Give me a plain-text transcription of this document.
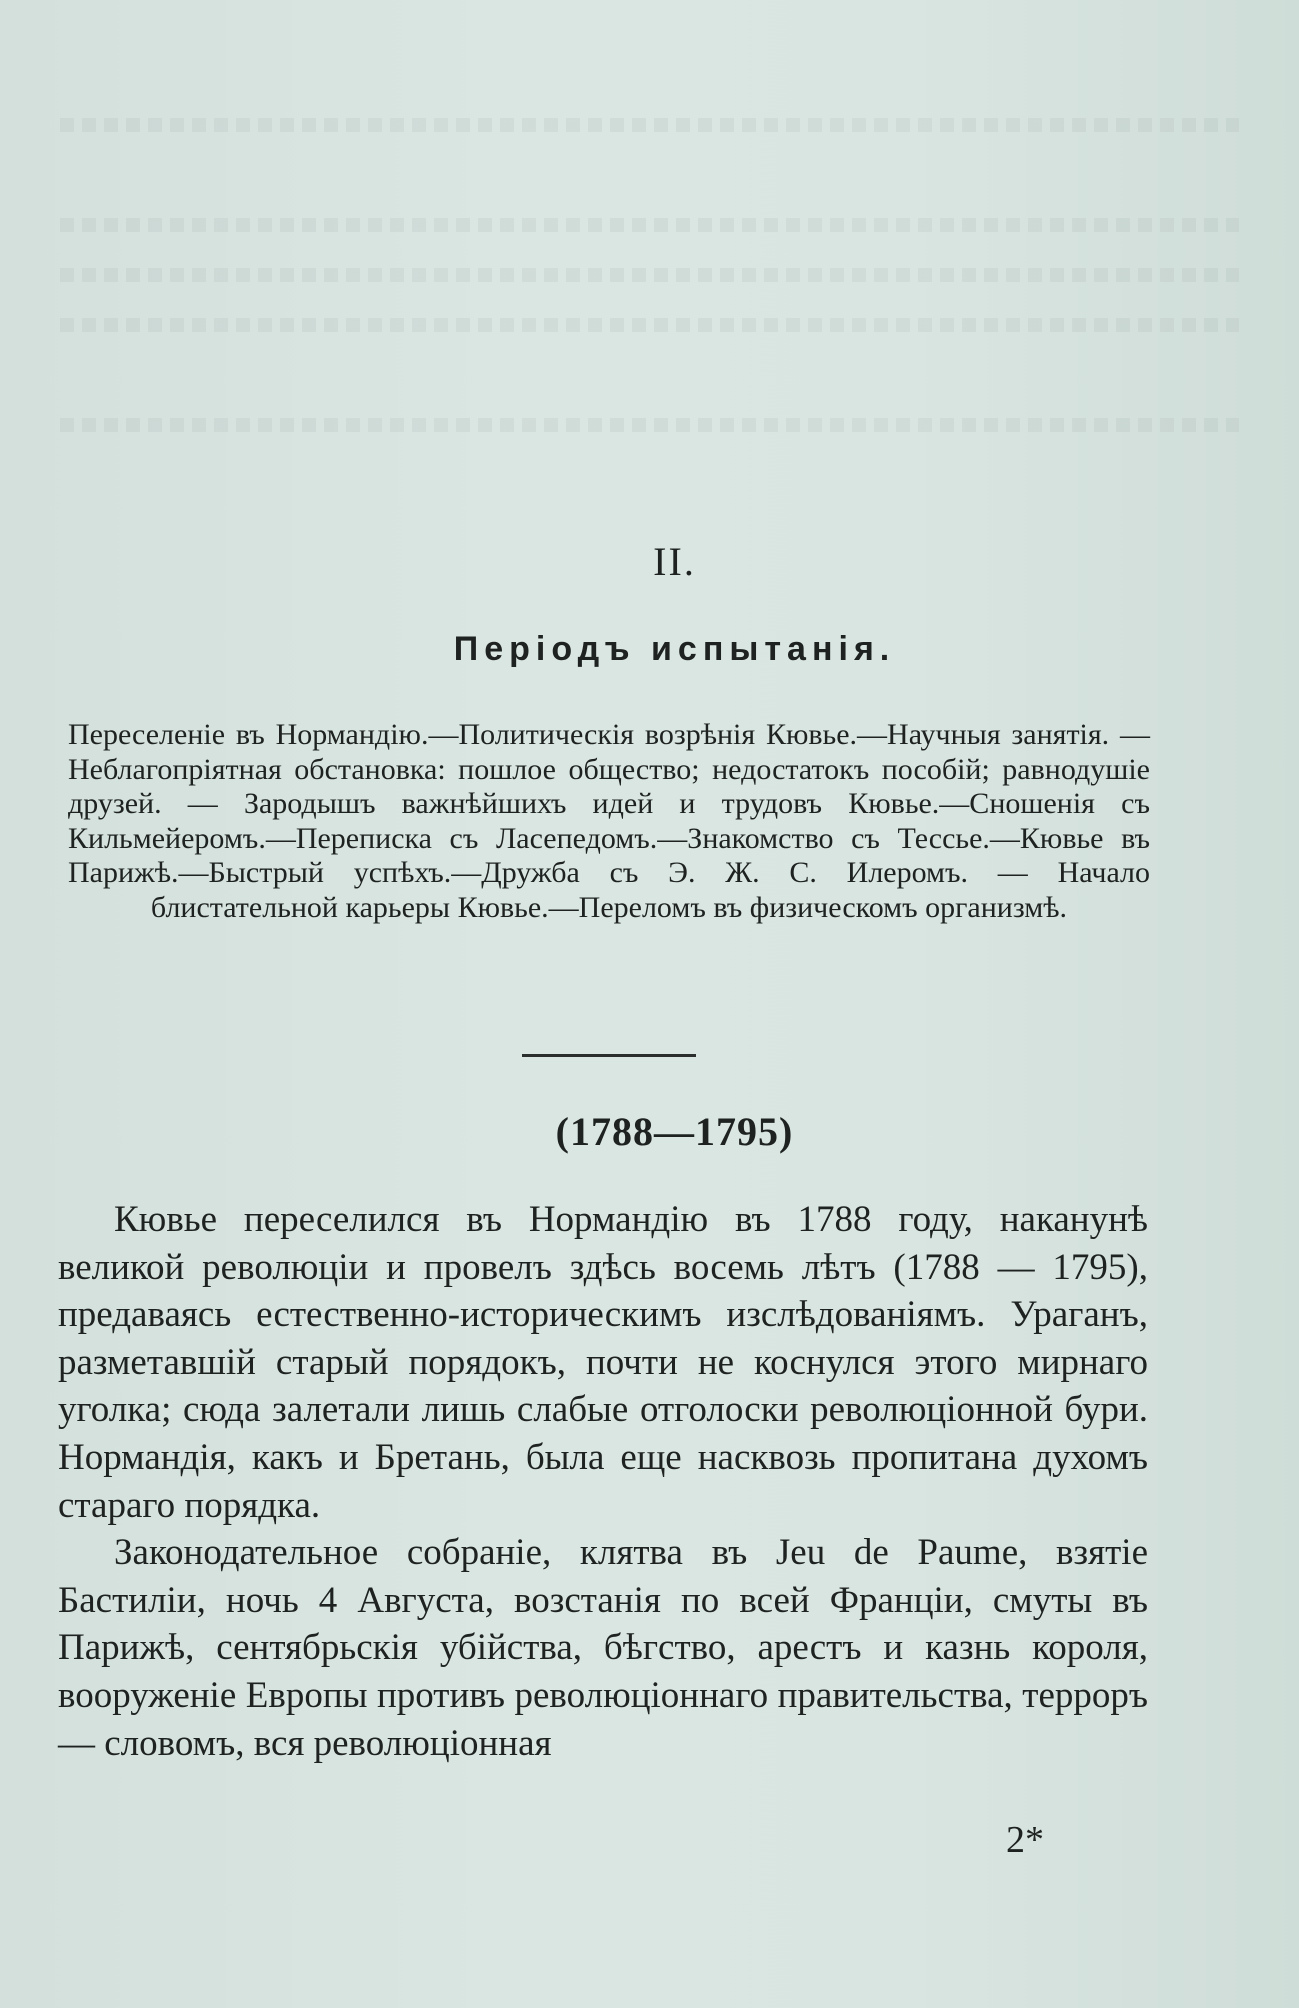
II.
Періодъ испытанія.
Переселеніе въ Нормандію.—Политическія возрѣнія Кювье.—Научныя занятія. — Неблагопріятная обстановка: пошлое общество; недостатокъ пособій; равнодушіе друзей. — Зародышъ важнѣйшихъ идей и трудовъ Кювье.—Сношенія съ Кильмейеромъ.—Переписка съ Ласепедомъ.—Знакомство съ Тессье.—Кювье въ Парижѣ.—Быстрый успѣхъ.—Дружба съ Э. Ж. С. Илеромъ. — Начало блистательной карьеры Кювье.—Переломъ въ физическомъ организмѣ.
(1788—1795)

Кювье переселился въ Нормандію въ 1788 году, наканунѣ великой революціи и провелъ здѣсь восемь лѣтъ (1788 — 1795), предаваясь естественно-историческимъ изслѣдованіямъ. Ураганъ, разметавшій старый порядокъ, почти не коснулся этого мирнаго уголка; сюда залетали лишь слабые отголоски революціонной бури. Нормандія, какъ и Бретань, была еще насквозь пропитана духомъ стараго порядка.

Законодательное собраніе, клятва въ Jeu de Paume, взятіе Бастиліи, ночь 4 Августа, возстанія по всей Франціи, смуты въ Парижѣ, сентябрьскія убійства, бѣгство, арестъ и казнь короля, вооруженіе Европы противъ революціоннаго правительства, терроръ — словомъ, вся революціонная

2*
